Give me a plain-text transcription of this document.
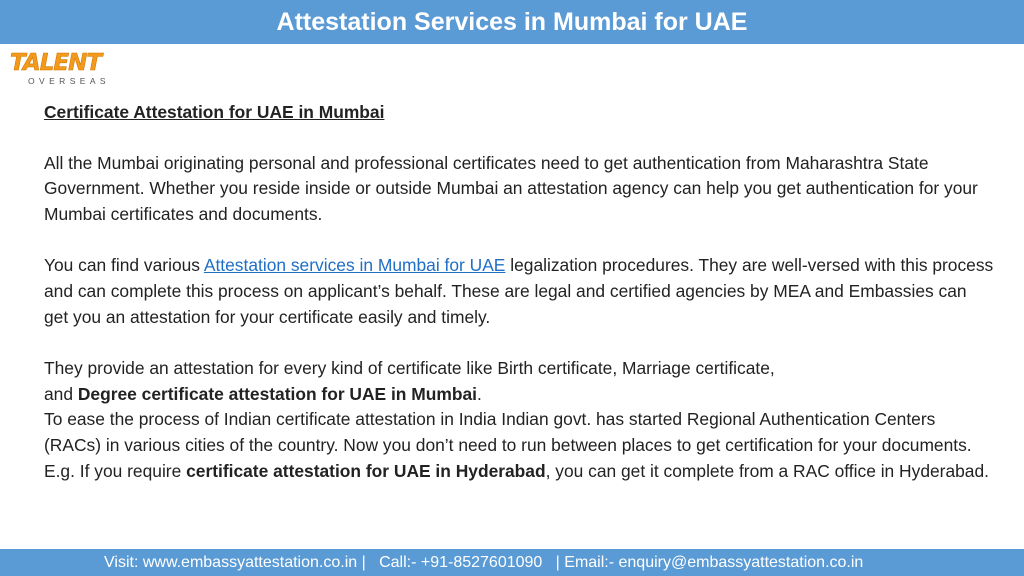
Attestation Services in Mumbai for UAE
TALENT
OVERSEAS

Certificate Attestation for UAE in Mumbai

All the Mumbai originating personal and professional certificates need to get authentication from Maharashtra State Government. Whether you reside inside or outside Mumbai an attestation agency can help you get authentication for your Mumbai certificates and documents.

You can find various Attestation services in Mumbai for UAE legalization procedures. They are well-versed with this process and can complete this process on applicant’s behalf. These are legal and certified agencies by MEA and Embassies can get you an attestation for your certificate easily and timely.

They provide an attestation for every kind of certificate like Birth certificate, Marriage certificate,
and Degree certificate attestation for UAE in Mumbai.

To ease the process of Indian certificate attestation in India Indian govt. has started Regional Authentication Centers (RACs) in various cities of the country. Now you don’t need to run between places to get certification for your documents. E.g. If you require certificate attestation for UAE in Hyderabad, you can get it complete from a RAC office in Hyderabad.

Visit: www.embassyattestation.co.in |   Call:- +91-8527601090   | Email:- enquiry@embassyattestation.co.in
